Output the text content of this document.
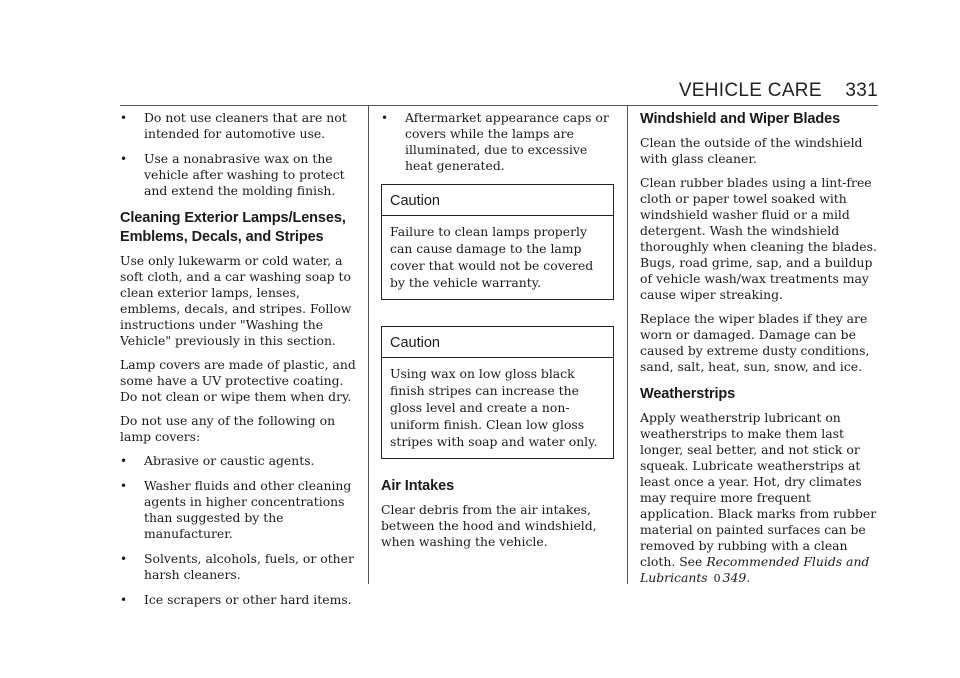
VEHICLE CARE 331
• Do not use cleaners that are not intended for automotive use.
• Use a nonabrasive wax on the vehicle after washing to protect and extend the molding finish.
Cleaning Exterior Lamps/Lenses, Emblems, Decals, and Stripes

Use only lukewarm or cold water, a soft cloth, and a car washing soap to clean exterior lamps, lenses, emblems, decals, and stripes. Follow instructions under "Washing the Vehicle" previously in this section.

Lamp covers are made of plastic, and some have a UV protective coating. Do not clean or wipe them when dry.

Do not use any of the following on lamp covers:

• Abrasive or caustic agents.
• Washer fluids and other cleaning agents in higher concentrations than suggested by the manufacturer.
• Solvents, alcohols, fuels, or other harsh cleaners.
• Ice scrapers or other hard items.
• Aftermarket appearance caps or covers while the lamps are illuminated, due to excessive heat generated.
Caution
Failure to clean lamps properly can cause damage to the lamp cover that would not be covered by the vehicle warranty.
Caution
Using wax on low gloss black finish stripes can increase the gloss level and create a non-uniform finish. Clean low gloss stripes with soap and water only.
Air Intakes

Clear debris from the air intakes, between the hood and windshield, when washing the vehicle.

Windshield and Wiper Blades

Clean the outside of the windshield with glass cleaner.

Clean rubber blades using a lint-free cloth or paper towel soaked with windshield washer fluid or a mild detergent. Wash the windshield thoroughly when cleaning the blades. Bugs, road grime, sap, and a buildup of vehicle wash/wax treatments may cause wiper streaking.

Replace the wiper blades if they are worn or damaged. Damage can be caused by extreme dusty conditions, sand, salt, heat, sun, snow, and ice.

Weatherstrips

Apply weatherstrip lubricant on weatherstrips to make them last longer, seal better, and not stick or squeak. Lubricate weatherstrips at least once a year. Hot, dry climates may require more frequent application. Black marks from rubber material on painted surfaces can be removed by rubbing with a clean cloth. See Recommended Fluids and Lubricants 0 349.
